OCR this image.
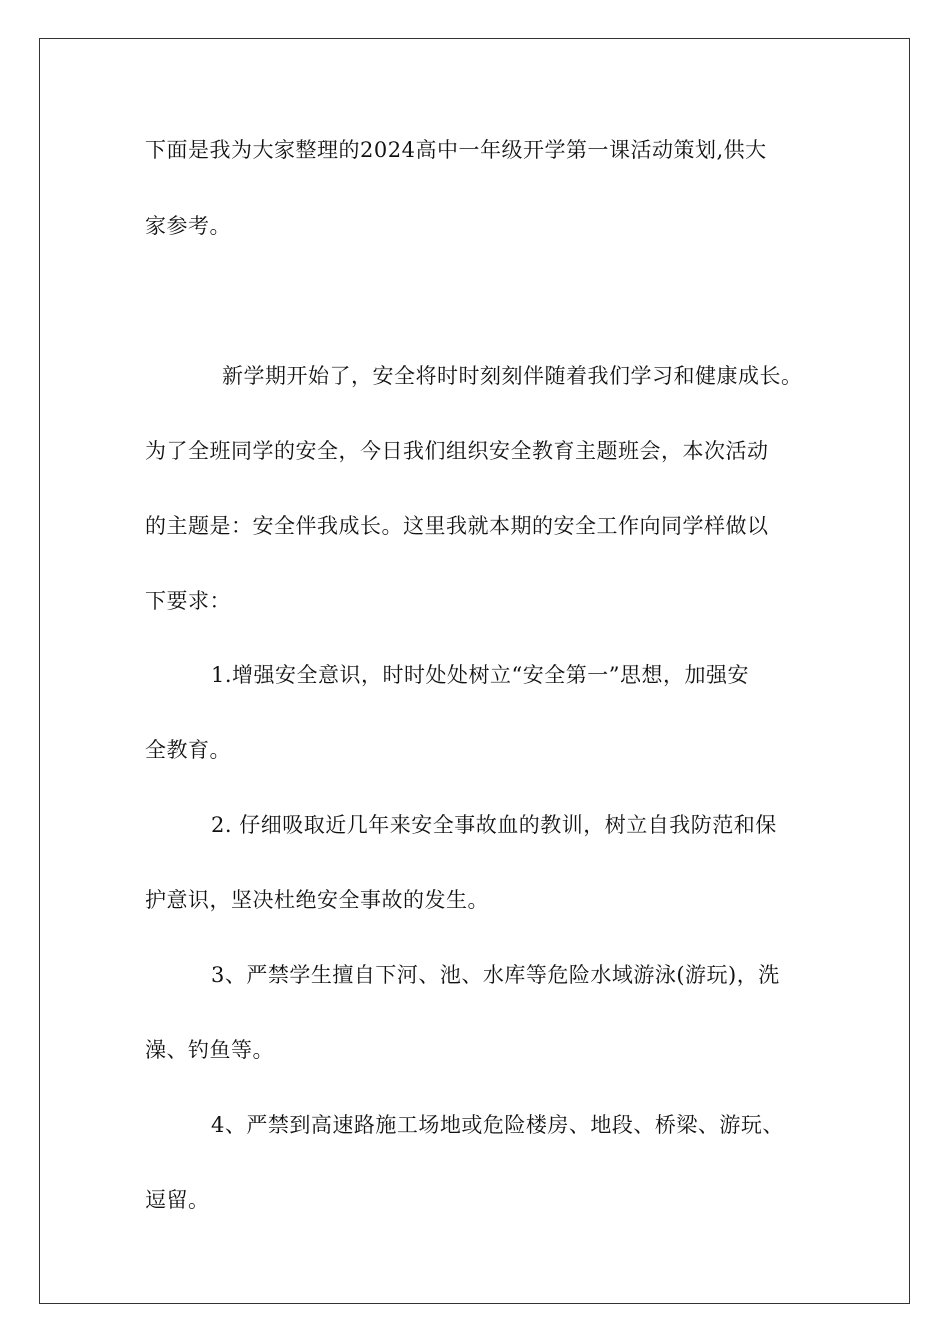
下面是我为大家整理的2024高中一年级开学第一课活动策划,供大
家参考。
新学期开始了，安全将时时刻刻伴随着我们学习和健康成长。
为了全班同学的安全，今日我们组织安全教育主题班会，本次活动
的主题是：安全伴我成长。这里我就本期的安全工作向同学样做以
下要求：
1.增强安全意识，时时处处树立“安全第一”思想，加强安
全教育。
2. 仔细吸取近几年来安全事故血的教训，树立自我防范和保
护意识，坚决杜绝安全事故的发生。
3、严禁学生擅自下河、池、水库等危险水域游泳(游玩)，洗
澡、钓鱼等。
4、严禁到高速路施工场地或危险楼房、地段、桥梁、游玩、
逗留。
